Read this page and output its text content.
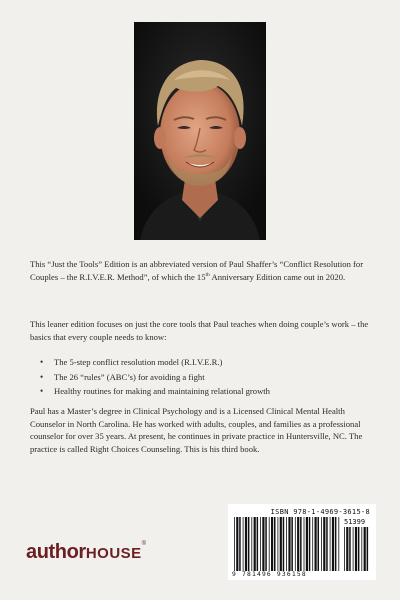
This “Just the Tools” Edition is an abbreviated version of Paul Shaffer’s “Conflict Resolution for Couples – the R.I.V.E.R. Method”, of which the 15th Anniversary Edition came out in 2020.

This leaner edition focuses on just the core tools that Paul teaches when doing couple’s work – the basics that every couple needs to know:

• The 5-step conflict resolution model (R.I.V.E.R.)
• The 26 “rules” (ABC’s) for avoiding a fight
• Healthy routines for making and maintaining relational growth

Paul has a Master’s degree in Clinical Psychology and is a Licensed Clinical Mental Health Counselor in North Carolina. He has worked with adults, couples, and families as a professional counselor for over 35 years. At present, he continues in private practice in Huntersville, NC. The practice is called Right Choices Counseling. This is his third book.

authorHOUSE®
ISBN 978-1-4969-3615-8
51399
9 781496 936158
